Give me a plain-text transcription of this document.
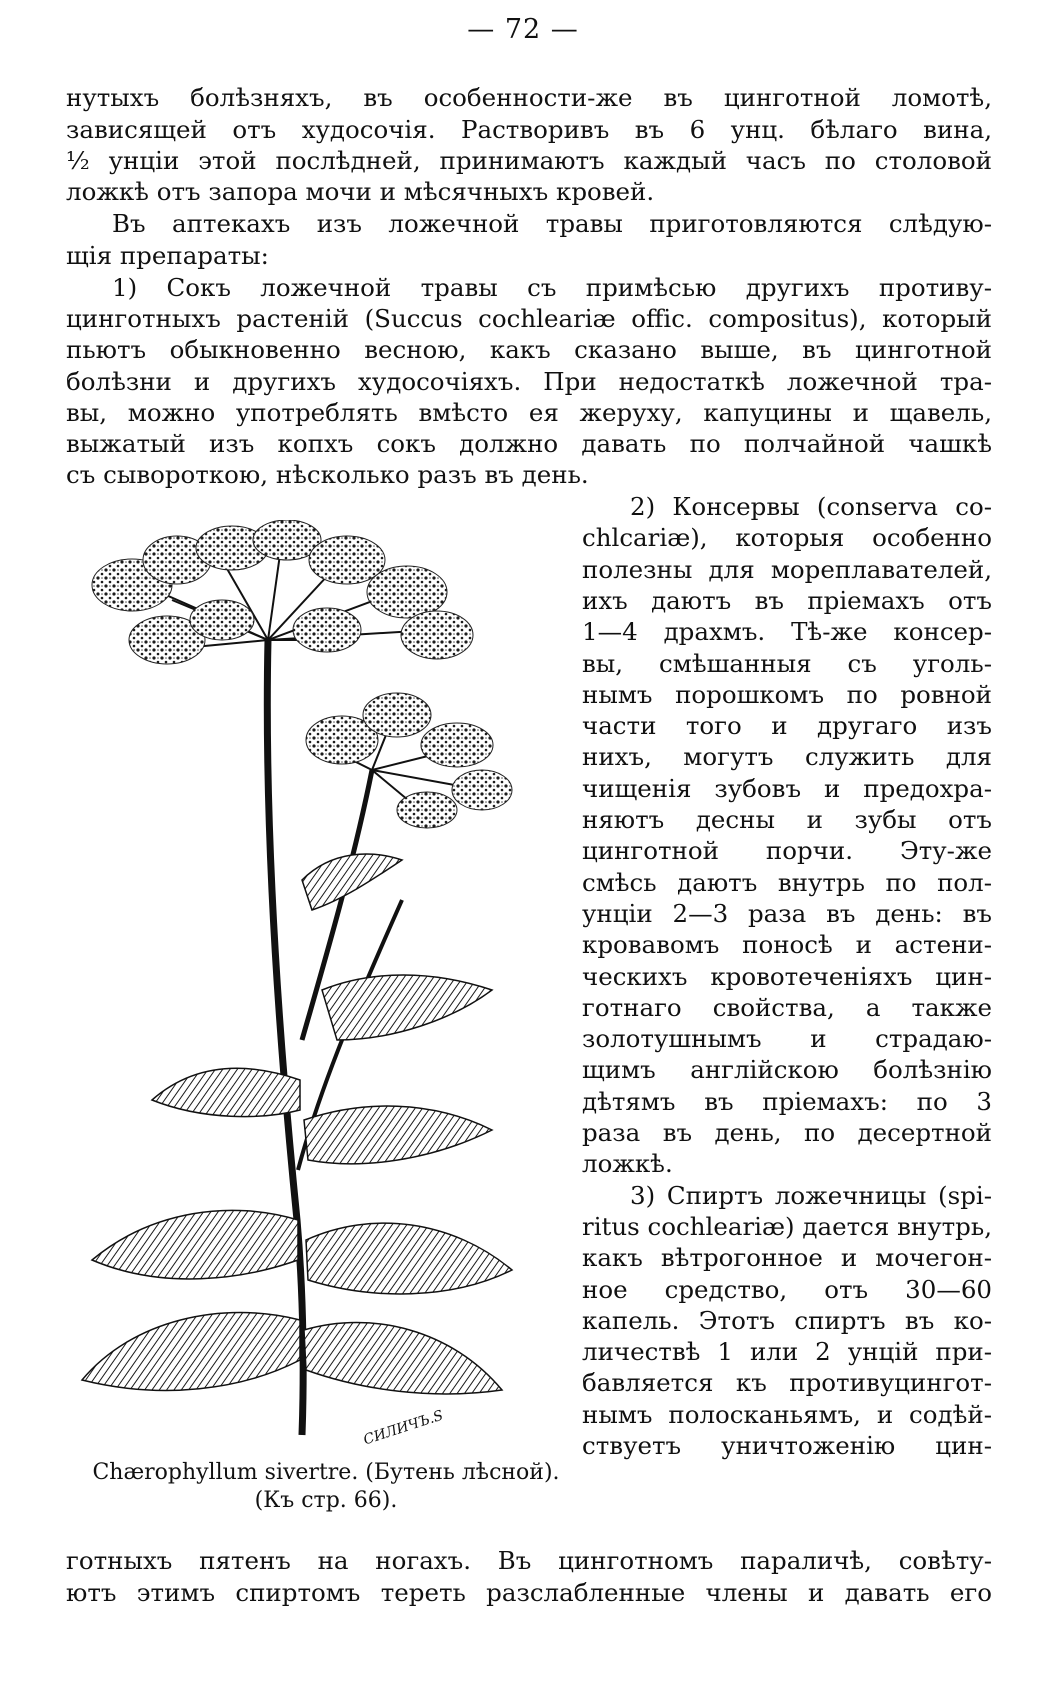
— 72 —
нутыхъ болѣзняхъ, въ особенности-же въ цинготной ломотѣ,
зависящей отъ худосочія. Растворивъ въ 6 унц. бѣлаго вина,
½ унціи этой послѣдней, принимаютъ каждый часъ по столовой
ложкѣ отъ запора мочи и мѣсячныхъ кровей.
Въ аптекахъ изъ ложечной травы приготовляются слѣдую-
щія препараты:
1) Сокъ ложечной травы съ примѣсью другихъ противу-
цинготныхъ растеній (Succus cochleariæ offic. compositus), который
пьютъ обыкновенно весною, какъ сказано выше, въ цинготной
болѣзни и другихъ худосочіяхъ. При недостаткѣ ложечной тра-
вы, можно употреблять вмѣсто ея жеруху, капуцины и щавель,
выжатый изъ копхъ сокъ должно давать по полчайной чашкѣ
съ сывороткою, нѣсколько разъ въ день.
СИЛИЧЪ.S
Chærophyllum sivertre. (Бутень лѣсной).
(Къ стр. 66).
готныхъ пятенъ на ногахъ. Въ цинготномъ параличѣ, совѣту-
ютъ этимъ спиртомъ тереть разслабленные члены и давать его
2) Консервы (conserva co-
chlcariæ), которыя особенно
полезны для мореплавателей,
ихъ даютъ въ пріемахъ отъ
1—4 драхмъ. Тѣ-же консер-
вы, смѣшанныя съ уголь-
нымъ порошкомъ по ровной
части того и другаго изъ
нихъ, могутъ служить для
чищенія зубовъ и предохра-
няютъ десны и зубы отъ
цинготной порчи. Эту-же
смѣсь даютъ внутрь по пол-
унціи 2—3 раза въ день: въ
кровавомъ поносѣ и астени-
ческихъ кровотеченіяхъ цин-
готнаго свойства, а также
золотушнымъ и страдаю-
щимъ англійскою болѣзнію
дѣтямъ въ пріемахъ: по 3
раза въ день, по десертной
ложкѣ.
3) Спиртъ ложечницы (spi-
ritus cochleariæ) дается внутрь,
какъ вѣтрогонное и мочегон-
ное средство, отъ 30—60
капель. Этотъ спиртъ въ ко-
личествѣ 1 или 2 унцій при-
бавляется къ противуцингот-
нымъ полосканьямъ, и содѣй-
ствуетъ уничтоженію цин-
